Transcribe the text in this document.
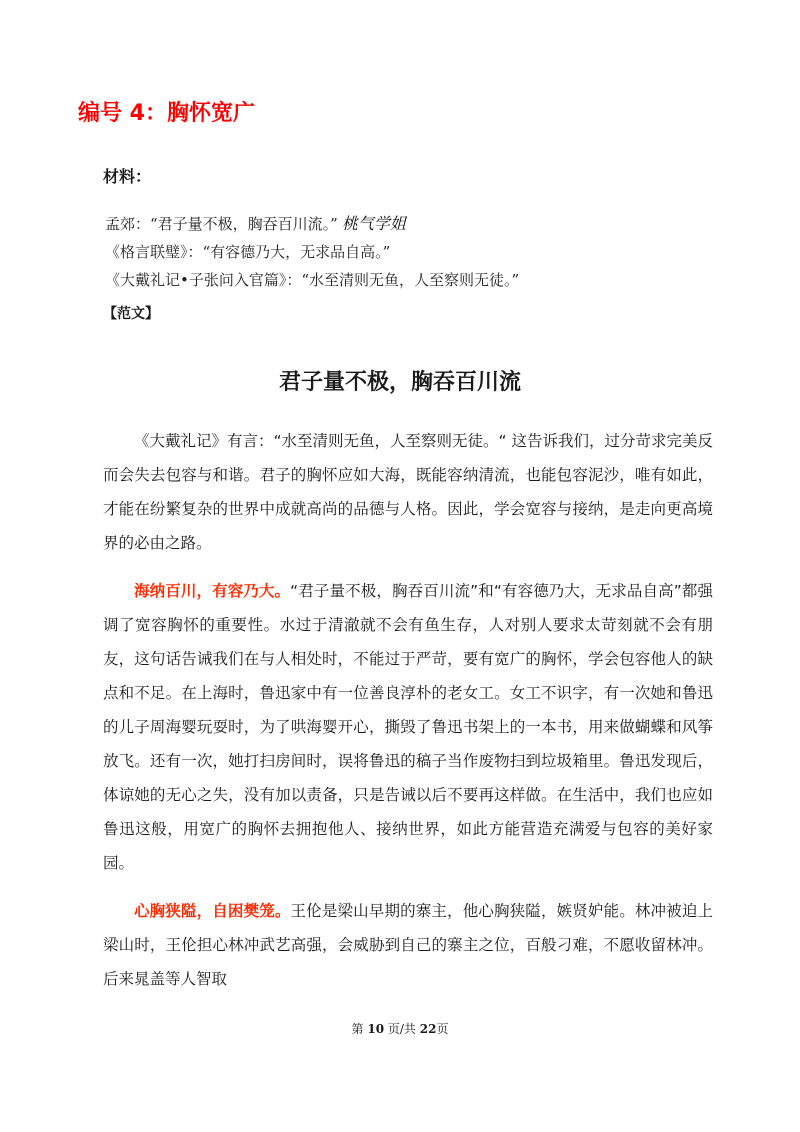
编号 4：胸怀宽广
材料：
孟郊：“君子量不极，胸吞百川流。” 桃气学姐
《格言联璧》：“有容德乃大，无求品自高。”
《大戴礼记•子张问入官篇》：“水至清则无鱼，人至察则无徒。”
【范文】
君子量不极，胸吞百川流

《大戴礼记》有言：“水至清则无鱼，人至察则无徒。“ 这告诉我们，过分苛求完美反而会失去包容与和谐。君子的胸怀应如大海，既能容纳清流，也能包容泥沙，唯有如此，才能在纷繁复杂的世界中成就高尚的品德与人格。因此，学会宽容与接纳，是走向更高境界的必由之路。

海纳百川，有容乃大。“君子量不极，胸吞百川流”和“有容德乃大，无求品自高”都强调了宽容胸怀的重要性。水过于清澈就不会有鱼生存，人对别人要求太苛刻就不会有朋友，这句话告诫我们在与人相处时，不能过于严苛，要有宽广的胸怀，学会包容他人的缺点和不足。在上海时，鲁迅家中有一位善良淳朴的老女工。女工不识字，有一次她和鲁迅的儿子周海婴玩耍时，为了哄海婴开心，撕毁了鲁迅书架上的一本书，用来做蝴蝶和风筝放飞。还有一次，她打扫房间时，误将鲁迅的稿子当作废物扫到垃圾箱里。鲁迅发现后，体谅她的无心之失，没有加以责备，只是告诫以后不要再这样做。在生活中，我们也应如鲁迅这般，用宽广的胸怀去拥抱他人、接纳世界，如此方能营造充满爱与包容的美好家园。

心胸狭隘，自困樊笼。王伦是梁山早期的寨主，他心胸狭隘，嫉贤妒能。林冲被迫上梁山时，王伦担心林冲武艺高强，会威胁到自己的寨主之位，百般刁难，不愿收留林冲。后来晁盖等人智取

第 10 页/共 22页
